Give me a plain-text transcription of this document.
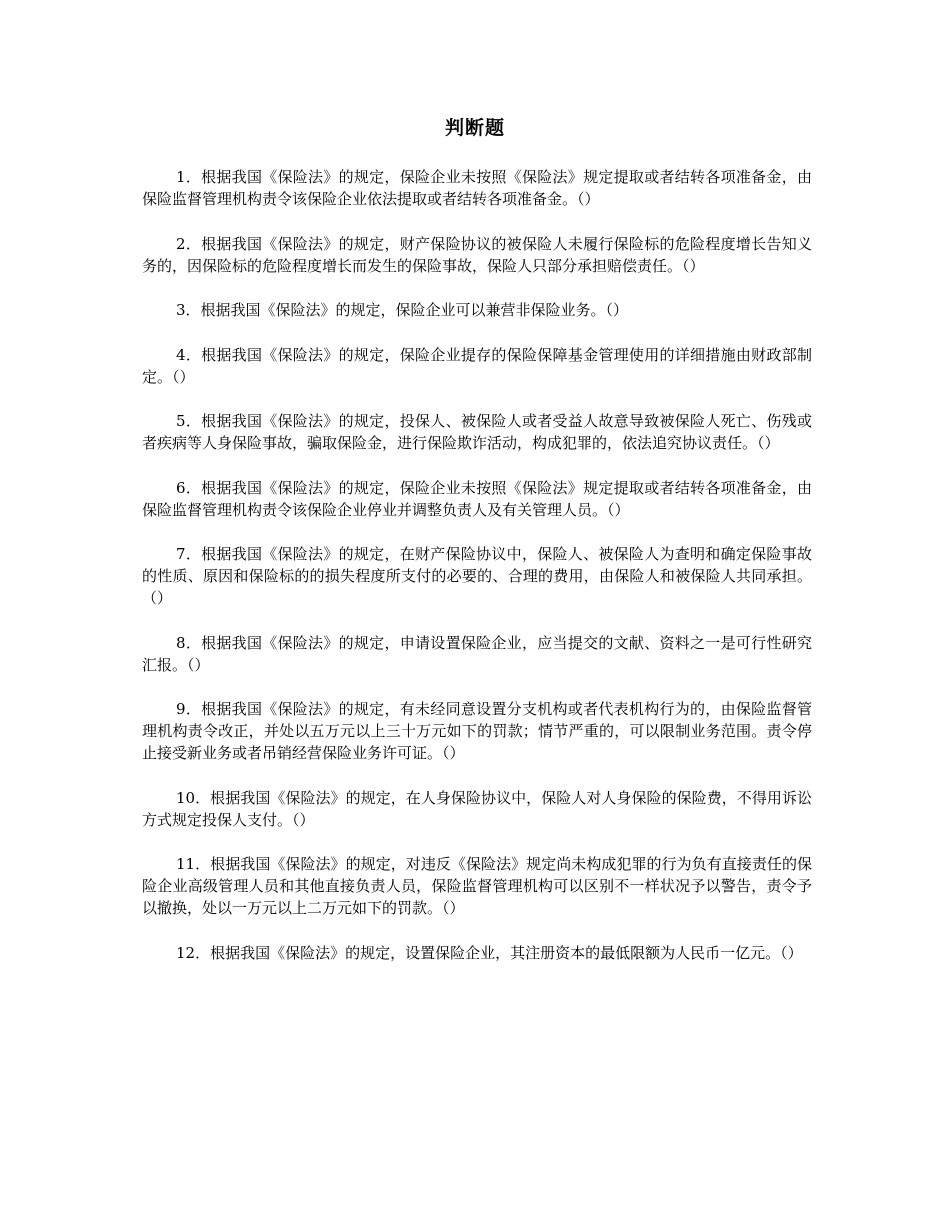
判断题

1．根据我国《保险法》的规定，保险企业未按照《保险法》规定提取或者结转各项准备金，由保险监督管理机构责令该保险企业依法提取或者结转各项准备金。（）

2．根据我国《保险法》的规定，财产保险协议的被保险人未履行保险标的危险程度增长告知义务的，因保险标的危险程度增长而发生的保险事故，保险人只部分承担赔偿责任。（）

3．根据我国《保险法》的规定，保险企业可以兼营非保险业务。（）

4．根据我国《保险法》的规定，保险企业提存的保险保障基金管理使用的详细措施由财政部制定。（）

5．根据我国《保险法》的规定，投保人、被保险人或者受益人故意导致被保险人死亡、伤残或者疾病等人身保险事故，骗取保险金，进行保险欺诈活动，构成犯罪的，依法追究协议责任。（）

6．根据我国《保险法》的规定，保险企业未按照《保险法》规定提取或者结转各项准备金，由保险监督管理机构责令该保险企业停业并调整负责人及有关管理人员。（）

7．根据我国《保险法》的规定，在财产保险协议中，保险人、被保险人为查明和确定保险事故的性质、原因和保险标的的损失程度所支付的必要的、合理的费用，由保险人和被保险人共同承担。（）

8．根据我国《保险法》的规定，申请设置保险企业，应当提交的文献、资料之一是可行性研究汇报。（）

9．根据我国《保险法》的规定，有未经同意设置分支机构或者代表机构行为的，由保险监督管理机构责令改正，并处以五万元以上三十万元如下的罚款；情节严重的，可以限制业务范围。责令停止接受新业务或者吊销经营保险业务许可证。（）

10．根据我国《保险法》的规定，在人身保险协议中，保险人对人身保险的保险费，不得用诉讼方式规定投保人支付。（）

11．根据我国《保险法》的规定，对违反《保险法》规定尚未构成犯罪的行为负有直接责任的保险企业高级管理人员和其他直接负责人员，保险监督管理机构可以区别不一样状况予以警告，责令予以撤换，处以一万元以上二万元如下的罚款。（）

12．根据我国《保险法》的规定，设置保险企业，其注册资本的最低限额为人民币一亿元。（）
